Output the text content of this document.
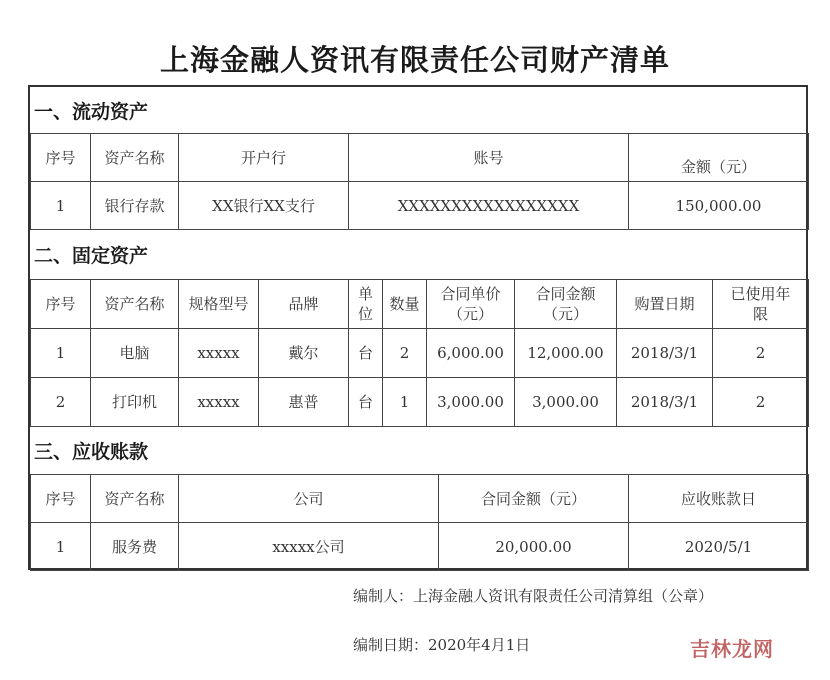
上海金融人资讯有限责任公司财产清单
一、流动资产
序号	资产名称	开户行	账号	金额（元）
1	银行存款	XX银行XX支行	XXXXXXXXXXXXXXXXX	150,000.00
二、固定资产
序号	资产名称	规格型号	品牌	单位	数量	合同单价（元）	合同金额（元）	购置日期	已使用年限
1	电脑	xxxxx	戴尔	台	2	6,000.00	12,000.00	2018/3/1	2
2	打印机	xxxxx	惠普	台	1	3,000.00	3,000.00	2018/3/1	2
三、应收账款
序号	资产名称	公司	合同金额（元）	应收账款日
1	服务费	xxxxx公司	20,000.00	2020/5/1
编制人：上海金融人资讯有限责任公司清算组（公章）
编制日期：2020年4月1日	吉林龙网
